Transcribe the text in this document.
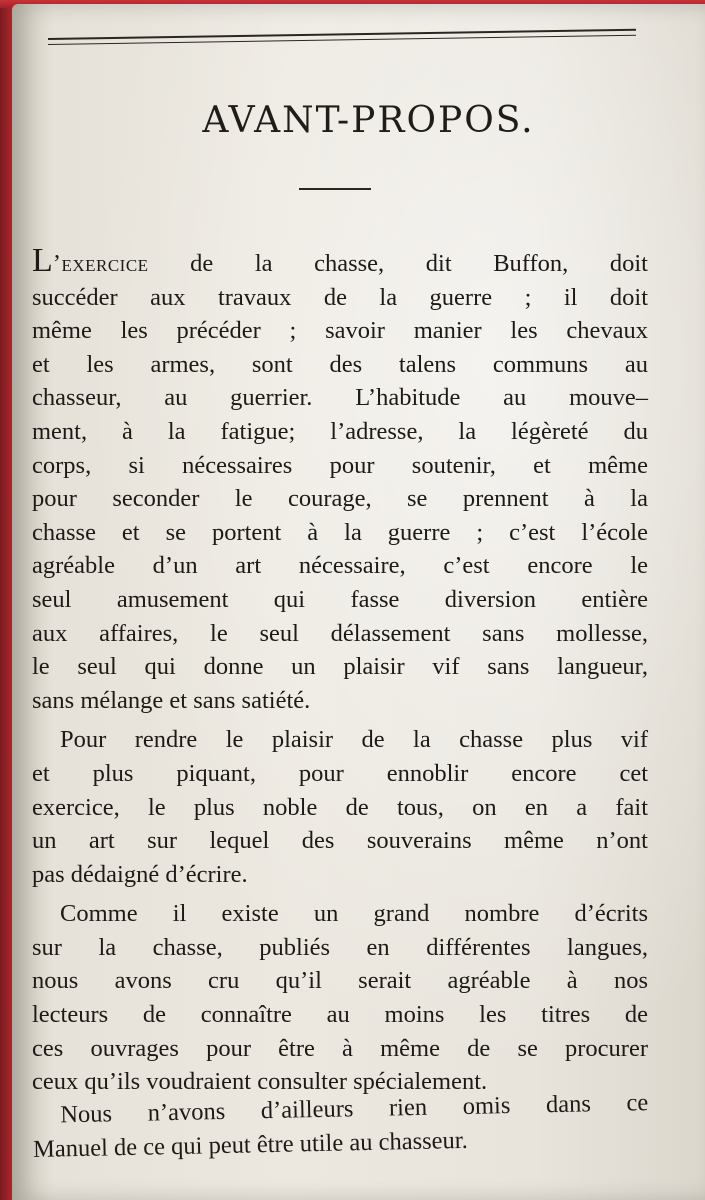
AVANT-PROPOS.

L’exercice de la chasse, dit Buffon, doit
succéder aux travaux de la guerre ; il doit
même les précéder ; savoir manier les chevaux
et les armes, sont des talens communs au
chasseur, au guerrier. L’habitude au mouve–
ment, à la fatigue; l’adresse, la légèreté du
corps, si nécessaires pour soutenir, et même
pour seconder le courage, se prennent à la
chasse et se portent à la guerre ; c’est l’école
agréable d’un art nécessaire, c’est encore le
seul amusement qui fasse diversion entière
aux affaires, le seul délassement sans mollesse,
le seul qui donne un plaisir vif sans langueur,
sans mélange et sans satiété.

Pour rendre le plaisir de la chasse plus vif
et plus piquant, pour ennoblir encore cet
exercice, le plus noble de tous, on en a fait
un art sur lequel des souverains même n’ont
pas dédaigné d’écrire.

Comme il existe un grand nombre d’écrits
sur la chasse, publiés en différentes langues,
nous avons cru qu’il serait agréable à nos
lecteurs de connaître au moins les titres de
ces ouvrages pour être à même de se procurer
ceux qu’ils voudraient consulter spécialement.

Nous n’avons d’ailleurs rien omis dans ce
Manuel de ce qui peut être utile au chasseur.
